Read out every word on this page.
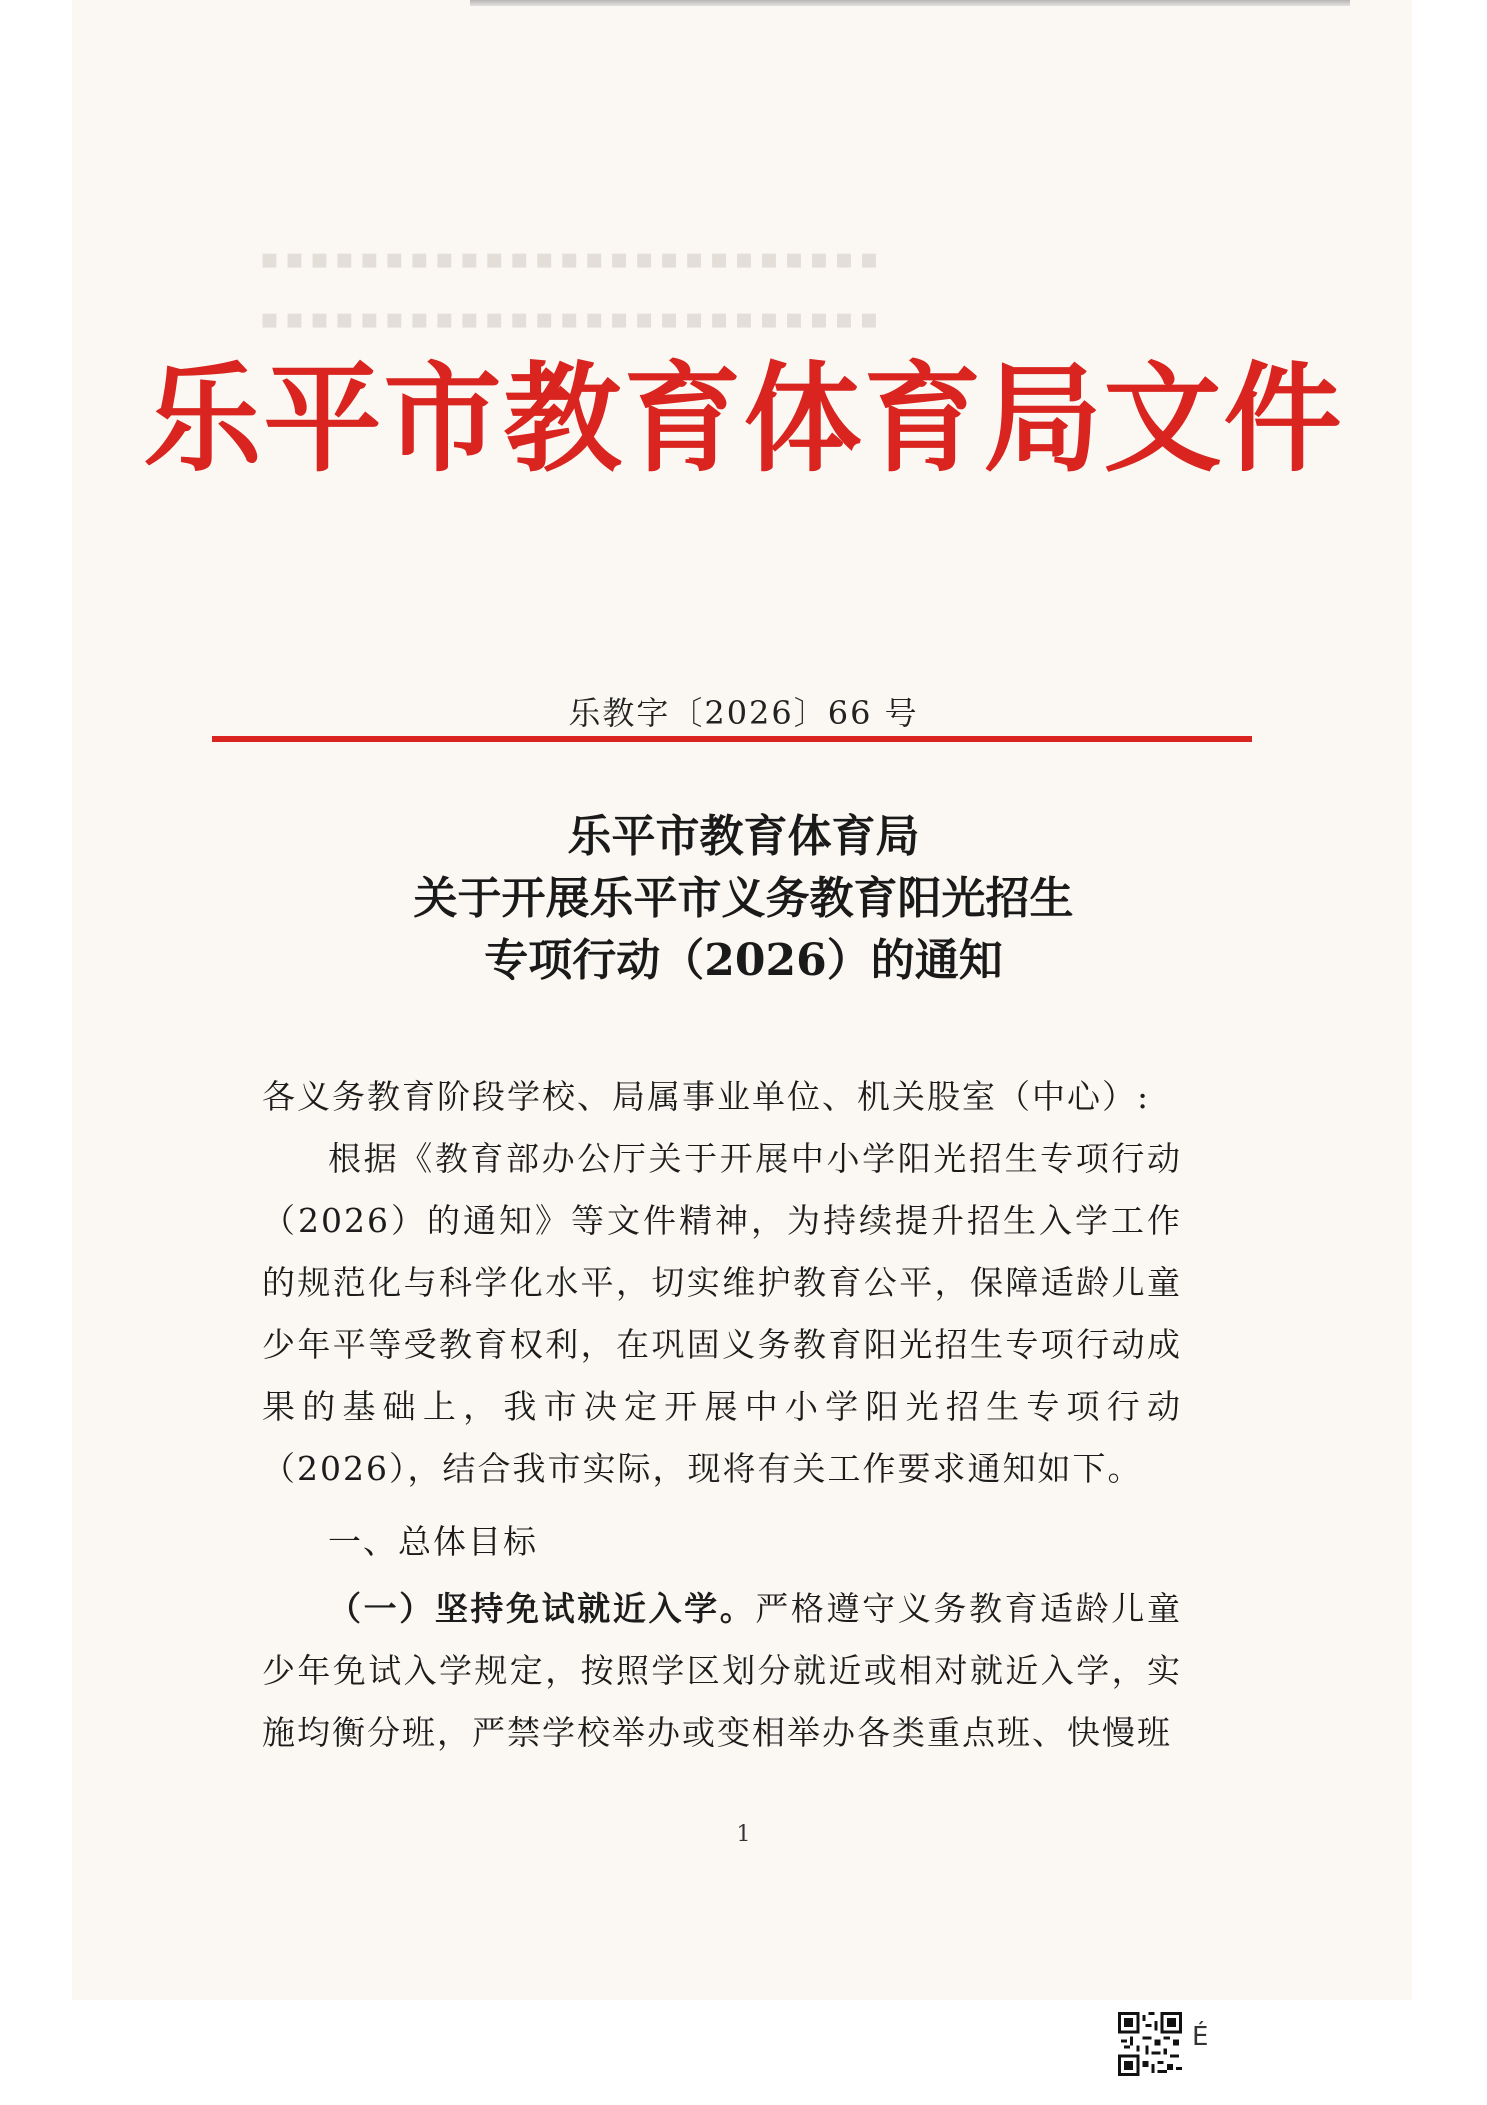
▪▪▪▪▪▪▪▪▪▪▪▪▪▪▪▪▪▪▪▪▪▪▪▪▪
▪▪▪▪▪▪▪▪▪▪▪▪▪▪▪▪▪▪▪▪▪▪▪▪▪
乐平市教育体育局文件
乐教字〔2026〕66 号
乐平市教育体育局
关于开展乐平市义务教育阳光招生
专项行动（2026）的通知
各义务教育阶段学校、局属事业单位、机关股室（中心）:
根据《教育部办公厅关于开展中小学阳光招生专项行动（2026）的通知》等文件精神，为持续提升招生入学工作的规范化与科学化水平，切实维护教育公平，保障适龄儿童少年平等受教育权利，在巩固义务教育阳光招生专项行动成果的基础上，我市决定开展中小学阳光招生专项行动（2026），结合我市实际，现将有关工作要求通知如下。
一、总体目标
（一）坚持免试就近入学。严格遵守义务教育适龄儿童少年免试入学规定，按照学区划分就近或相对就近入学，实施均衡分班，严禁学校举办或变相举办各类重点班、快慢班
1
É
